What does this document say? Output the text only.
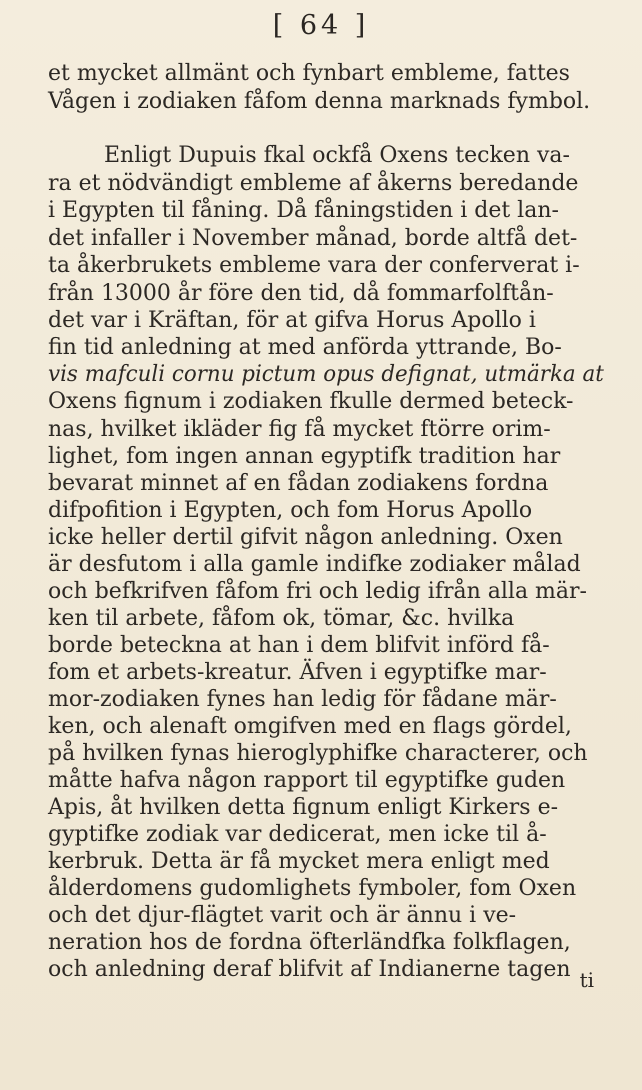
[ 64 ]
et mycket allmänt och fynbart embleme, fattes
Vågen i zodiaken fåfom denna marknads fymbol.
Enligt Dupuis fkal ockfå Oxens tecken va-
ra et nödvändigt embleme af åkerns beredande
i Egypten til fåning. Då fåningstiden i det lan-
det infaller i November månad, borde altfå det-
ta åkerbrukets embleme vara der conferverat i-
från 13000 år före den tid, då fommarfolftån-
det var i Kräftan, för at gifva Horus Apollo i
fin tid anledning at med anförda yttrande, Bo-
vis mafculi cornu pictum opus defignat, utmärka at
Oxens fignum i zodiaken fkulle dermed beteck-
nas, hvilket ikläder fig få mycket ftörre orim-
lighet, fom ingen annan egyptifk tradition har
bevarat minnet af en fådan zodiakens fordna
difpofition i Egypten, och fom Horus Apollo
icke heller dertil gifvit någon anledning. Oxen
är desfutom i alla gamle indifke zodiaker målad
och befkrifven fåfom fri och ledig ifrån alla mär-
ken til arbete, fåfom ok, tömar, &c. hvilka
borde beteckna at han i dem blifvit införd få-
fom et arbets-kreatur. Äfven i egyptifke mar-
mor-zodiaken fynes han ledig för fådane mär-
ken, och alenaft omgifven med en flags gördel,
på hvilken fynas hieroglyphifke characterer, och
måtte hafva någon rapport til egyptifke guden
Apis, åt hvilken detta fignum enligt Kirkers e-
gyptifke zodiak var dedicerat, men icke til å-
kerbruk. Detta är få mycket mera enligt med
ålderdomens gudomlighets fymboler, fom Oxen
och det djur-flägtet varit och är ännu i ve-
neration hos de fordna öfterländfka folkflagen,
och anledning deraf blifvit af Indianerne tagen ti
